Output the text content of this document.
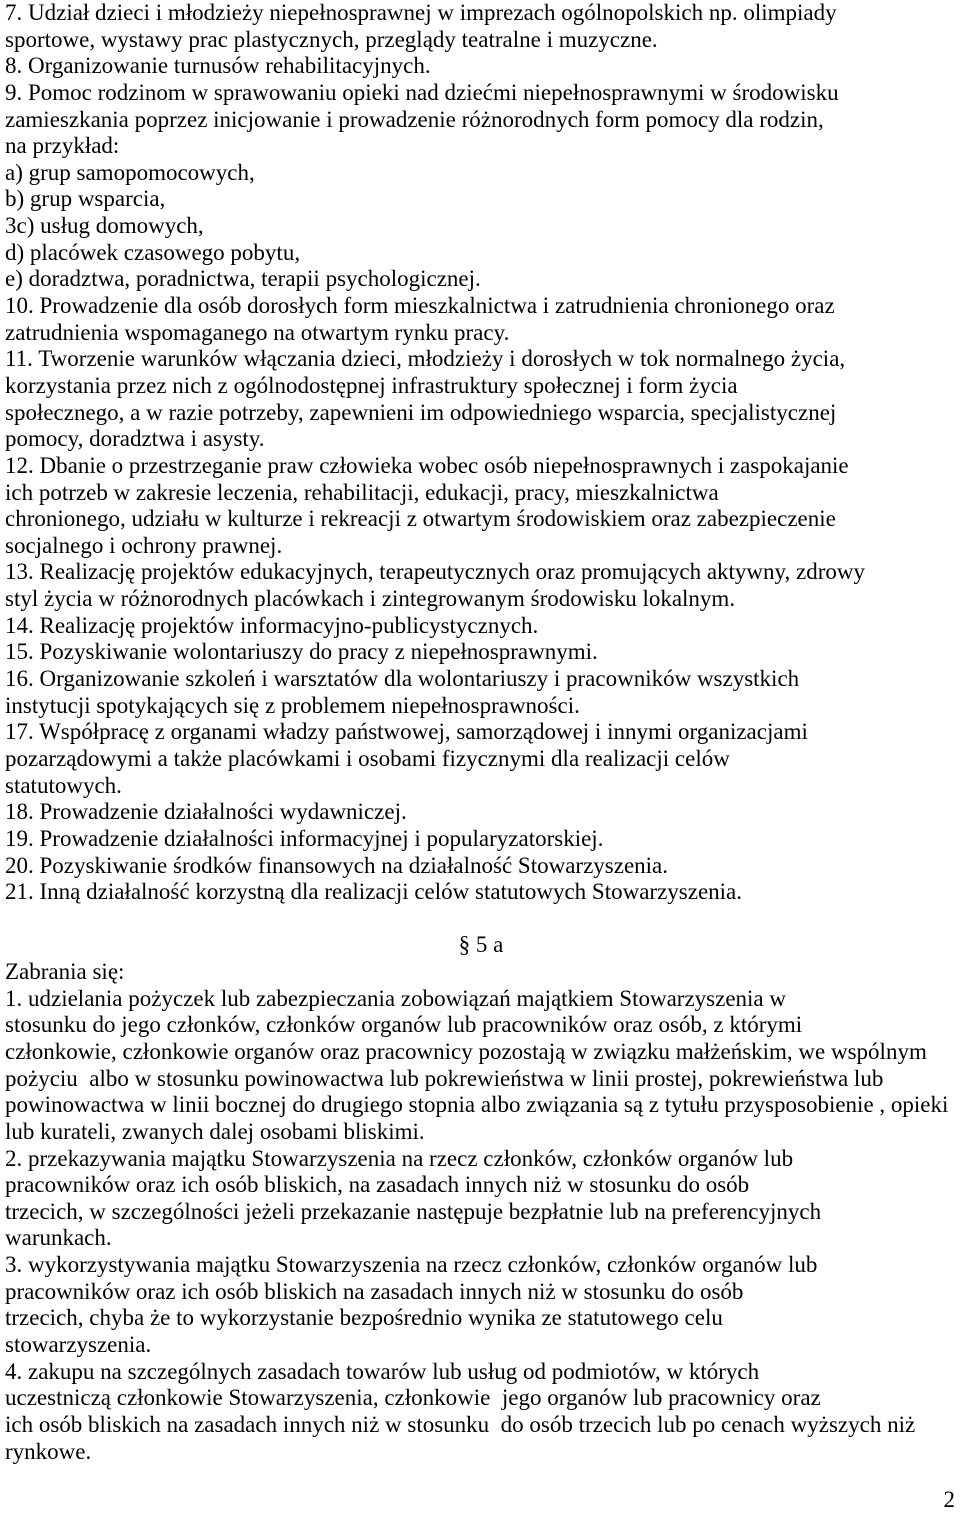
7. Udział dzieci i młodzieży niepełnosprawnej w imprezach ogólnopolskich np. olimpiady
sportowe, wystawy prac plastycznych, przeglądy teatralne i muzyczne.
8. Organizowanie turnusów rehabilitacyjnych.
9. Pomoc rodzinom w sprawowaniu opieki nad dziećmi niepełnosprawnymi w środowisku
zamieszkania poprzez inicjowanie i prowadzenie różnorodnych form pomocy dla rodzin,
na przykład:
a) grup samopomocowych,
b) grup wsparcia,
3c) usług domowych,
d) placówek czasowego pobytu,
e) doradztwa, poradnictwa, terapii psychologicznej.
10. Prowadzenie dla osób dorosłych form mieszkalnictwa i zatrudnienia chronionego oraz
zatrudnienia wspomaganego na otwartym rynku pracy.
11. Tworzenie warunków włączania dzieci, młodzieży i dorosłych w tok normalnego życia,
korzystania przez nich z ogólnodostępnej infrastruktury społecznej i form życia
społecznego, a w razie potrzeby, zapewnieni im odpowiedniego wsparcia, specjalistycznej
pomocy, doradztwa i asysty.
12. Dbanie o przestrzeganie praw człowieka wobec osób niepełnosprawnych i zaspokajanie
ich potrzeb w zakresie leczenia, rehabilitacji, edukacji, pracy, mieszkalnictwa
chronionego, udziału w kulturze i rekreacji z otwartym środowiskiem oraz zabezpieczenie
socjalnego i ochrony prawnej.
13. Realizację projektów edukacyjnych, terapeutycznych oraz promujących aktywny, zdrowy
styl życia w różnorodnych placówkach i zintegrowanym środowisku lokalnym.
14. Realizację projektów informacyjno-publicystycznych.
15. Pozyskiwanie wolontariuszy do pracy z niepełnosprawnymi.
16. Organizowanie szkoleń i warsztatów dla wolontariuszy i pracowników wszystkich
instytucji spotykających się z problemem niepełnosprawności.
17. Współpracę z organami władzy państwowej, samorządowej i innymi organizacjami
pozarządowymi a także placówkami i osobami fizycznymi dla realizacji celów
statutowych.
18. Prowadzenie działalności wydawniczej.
19. Prowadzenie działalności informacyjnej i popularyzatorskiej.
20. Pozyskiwanie środków finansowych na działalność Stowarzyszenia.
21. Inną działalność korzystną dla realizacji celów statutowych Stowarzyszenia.
§ 5 a
Zabrania się:
1. udzielania pożyczek lub zabezpieczania zobowiązań majątkiem Stowarzyszenia w
stosunku do jego członków, członków organów lub pracowników oraz osób, z którymi
członkowie, członkowie organów oraz pracownicy pozostają w związku małżeńskim, we wspólnym
pożyciu  albo w stosunku powinowactwa lub pokrewieństwa w linii prostej, pokrewieństwa lub
powinowactwa w linii bocznej do drugiego stopnia albo związania są z tytułu przysposobienie , opieki
lub kurateli, zwanych dalej osobami bliskimi.
2. przekazywania majątku Stowarzyszenia na rzecz członków, członków organów lub
pracowników oraz ich osób bliskich, na zasadach innych niż w stosunku do osób
trzecich, w szczególności jeżeli przekazanie następuje bezpłatnie lub na preferencyjnych
warunkach.
3. wykorzystywania majątku Stowarzyszenia na rzecz członków, członków organów lub
pracowników oraz ich osób bliskich na zasadach innych niż w stosunku do osób
trzecich, chyba że to wykorzystanie bezpośrednio wynika ze statutowego celu
stowarzyszenia.
4. zakupu na szczególnych zasadach towarów lub usług od podmiotów, w których
uczestniczą członkowie Stowarzyszenia, członkowie  jego organów lub pracownicy oraz
ich osób bliskich na zasadach innych niż w stosunku  do osób trzecich lub po cenach wyższych niż
rynkowe.
2
